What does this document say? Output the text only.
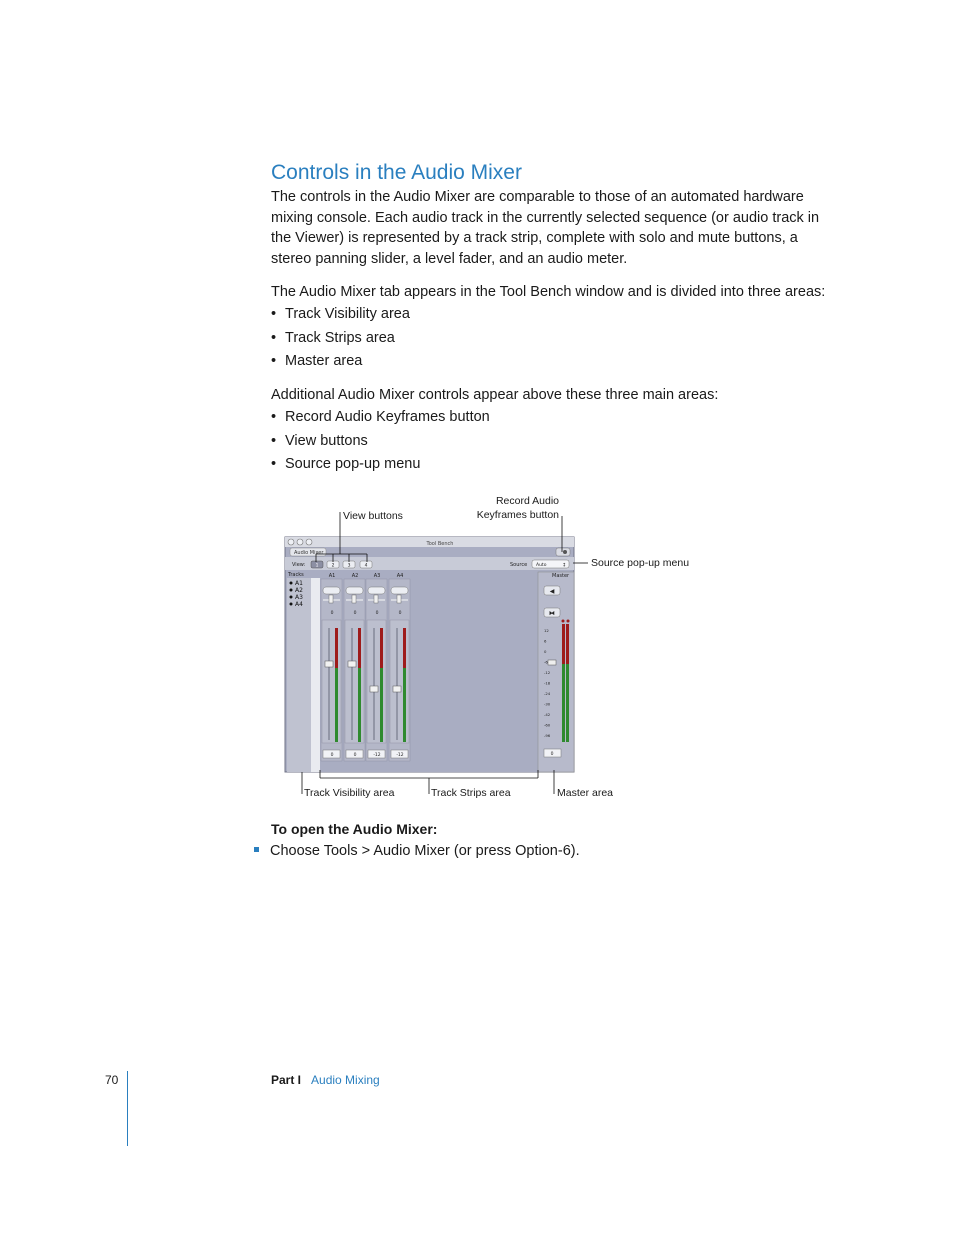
Controls in the Audio Mixer

The controls in the Audio Mixer are comparable to those of an automated hardware mixing console. Each audio track in the currently selected sequence (or audio track in the Viewer) is represented by a track strip, complete with solo and mute buttons, a stereo panning slider, a level fader, and an audio meter.

The Audio Mixer tab appears in the Tool Bench window and is divided into three areas:

• Track Visibility area
• Track Strips area
• Master area

Additional Audio Mixer controls appear above these three main areas:

• Record Audio Keyframes button
• View buttons
• Source pop-up menu
View buttons
Record Audio
Keyframes button
Source pop-up menu
Track Visibility area	Track Strips area	Master area
Tool Bench
Audio Mixer
View: 1	2	3	4	Source Auto	↕
Tracks
A1
A2
A3
A4
A1	A2	A3	A4
0	0	0	0
0	0	-12	-12
Master
◀
⧓
12
6
0
-6
-12
-18
-24
-30
-42
-60
-96
0
To open the Audio Mixer:
Choose Tools > Audio Mixer (or press Option-6).
70	Part I Audio Mixing
